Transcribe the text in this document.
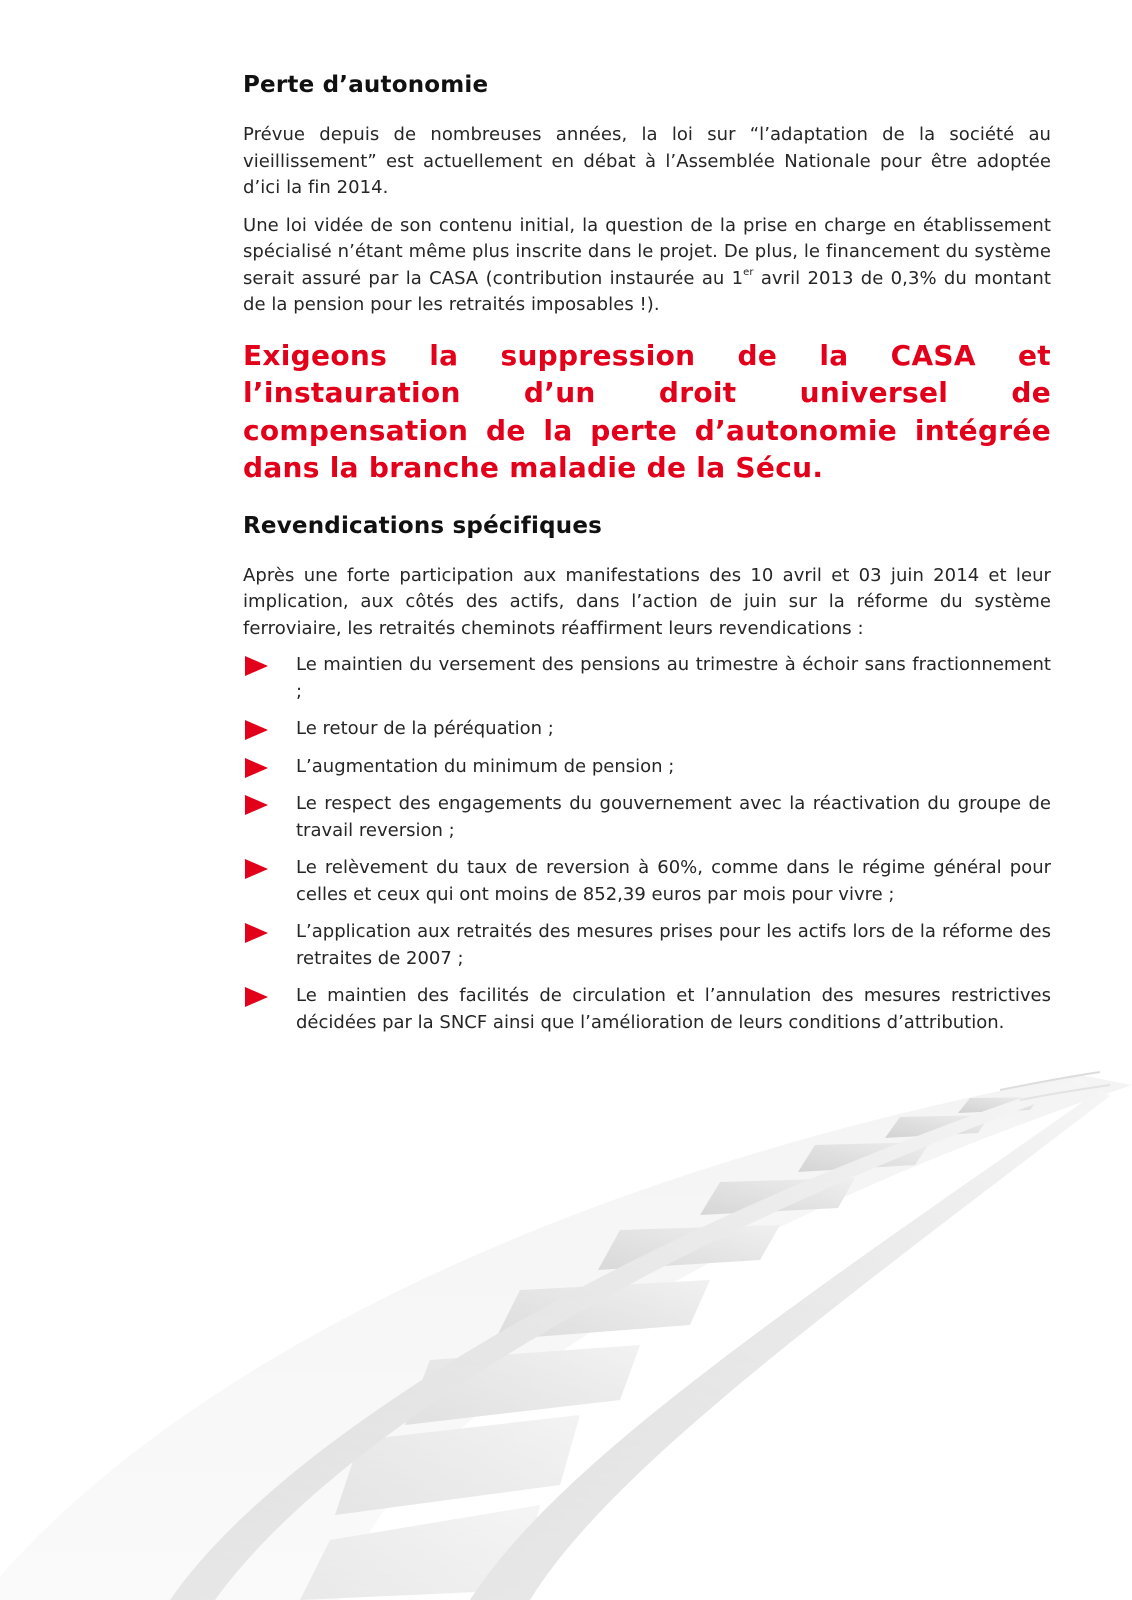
Perte d’autonomie

Prévue depuis de nombreuses années, la loi sur “l’adaptation de la société au vieillissement” est actuellement en débat à l’Assemblée Nationale pour être adoptée d’ici la fin 2014.

Une loi vidée de son contenu initial, la question de la prise en charge en établissement spécialisé n’étant même plus inscrite dans le projet. De plus, le financement du système serait assuré par la CASA (contribution instaurée au 1er avril 2013 de 0,3% du montant de la pension pour les retraités imposables !).

Exigeons la suppression de la CASA et l’instauration d’un droit universel de compensation de la perte d’autonomie intégrée dans la branche maladie de la Sécu.

Revendications spécifiques

Après une forte participation aux manifestations des 10 avril et 03 juin 2014 et leur implication, aux côtés des actifs, dans l’action de juin sur la réforme du système ferroviaire, les retraités cheminots réaffirment leurs revendications :

Le maintien du versement des pensions au trimestre à échoir sans fractionnement ;
Le retour de la péréquation ;
L’augmentation du minimum de pension ;
Le respect des engagements du gouvernement avec la réactivation du groupe de travail reversion ;
Le relèvement du taux de reversion à 60%, comme dans le régime général pour celles et ceux qui ont moins de 852,39 euros par mois pour vivre ;
L’application aux retraités des mesures prises pour les actifs lors de la réforme des retraites de 2007 ;
Le maintien des facilités de circulation et l’annulation des mesures restrictives décidées par la SNCF ainsi que l’amélioration de leurs conditions d’attribution.
